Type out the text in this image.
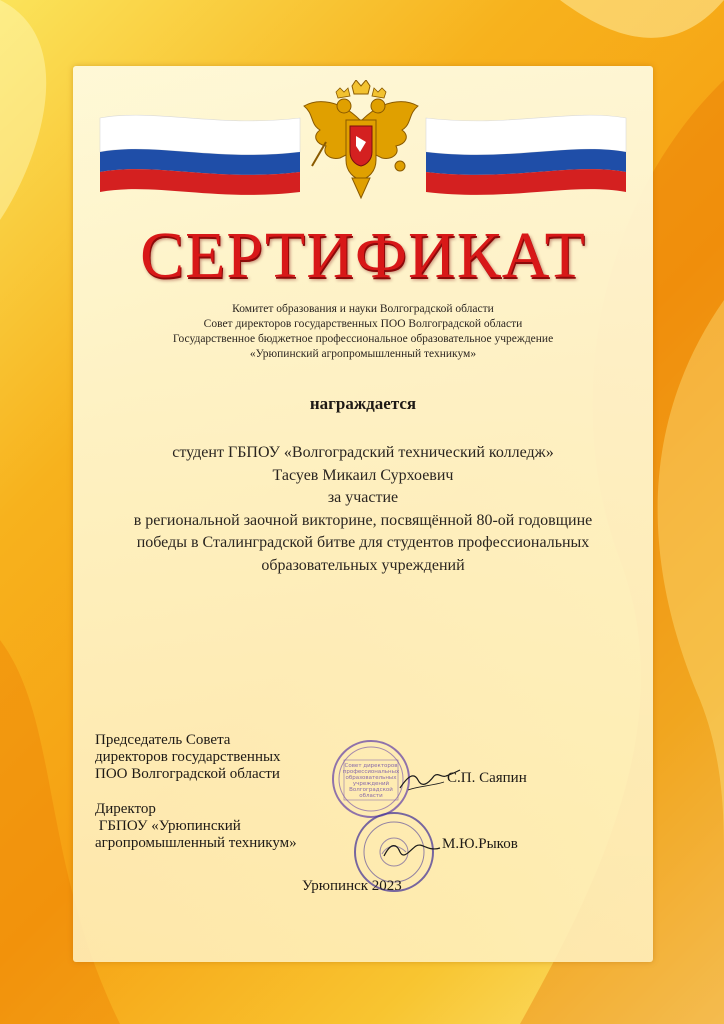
СЕРТИФИКАТ
Комитет образования и науки Волгоградской области
Совет директоров государственных ПОО Волгоградской области
Государственное бюджетное профессиональное образовательное учреждение
«Урюпинский агропромышленный техникум»
награждается
студент ГБПОУ «Волгоградский технический колледж»
Тасуев Микаил Сурхоевич
за участие
в региональной заочной викторине, посвящённой 80-ой годовщине
победы в Сталинградской битве для студентов профессиональных
образовательных учреждений
Председатель Совета
директоров государственных
ПОО Волгоградской области	Совет директоров
профессиональных
образовательных
учреждений
Волгоградской
области
С.П. Саяпин
Директор
ГБПОУ «Урюпинский
агропромышленный техникум»	М.Ю.Рыков
Урюпинск 2023
